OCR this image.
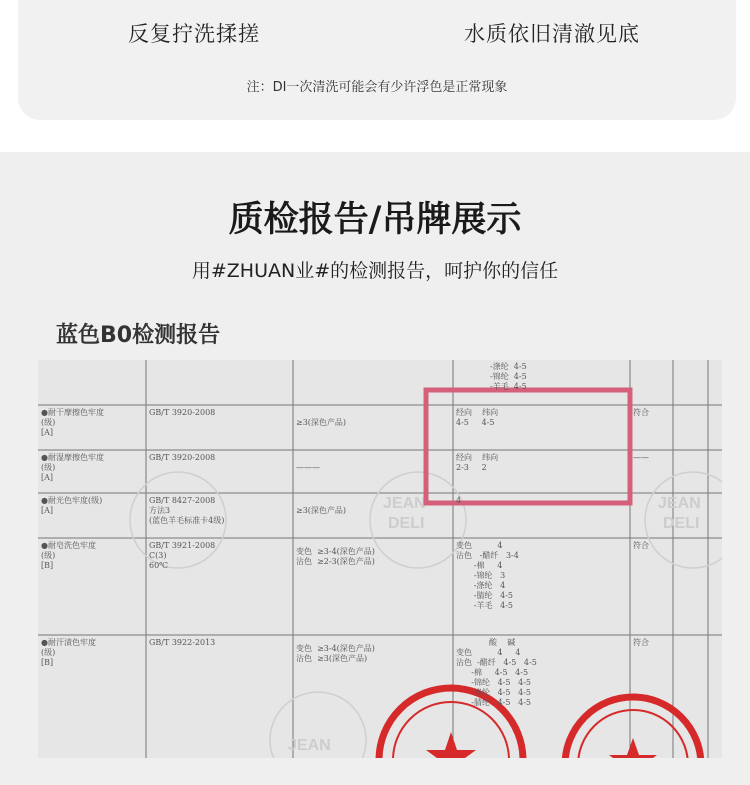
反复拧洗揉搓	水质依旧清澈见底
注：DI一次清洗可能会有少许浮色是正常现象
质检报告/吊牌展示
用#ZHUAN业#的检测报告，呵护你的信任
蓝色B0检测报告
JEAN
DELI
JEAN
DELI
JEAN
-涤纶  4-5
-锦纶  4-5
-羊毛  4-5
●耐干摩擦色牢度
(级)
[A]
GB/T 3920-2008
≥3(深色产品)
经向    纬向
4-5     4-5
符合
●耐湿摩擦色牢度
(级)
[A]
GB/T 3920-2008
———
经向    纬向
2-3     2
——
●耐光色牢度(级)
[A]
GB/T 8427-2008
方法3
(蓝色羊毛标准卡4级)
≥3(深色产品)
4
●耐皂洗色牢度
(级)
[B]
GB/T 3921-2008
C(3)
60℃
变色  ≥3-4(深色产品)
沾色  ≥2-3(深色产品)
变色          4
沾色   -醋纤   3-4
-棉     4
-锦纶   3
-涤纶   4
-腈纶   4-5
-羊毛   4-5
符合
●耐汗渍色牢度
(级)
[B]
GB/T 3922-2013
变色  ≥3-4(深色产品)
沾色  ≥3(深色产品)
酸    碱
变色          4     4
沾色  -醋纤   4-5   4-5
-棉     4-5   4-5
-锦纶   4-5   4-5
-涤纶   4-5   4-5
-腈纶   4-5   4-5
符合
